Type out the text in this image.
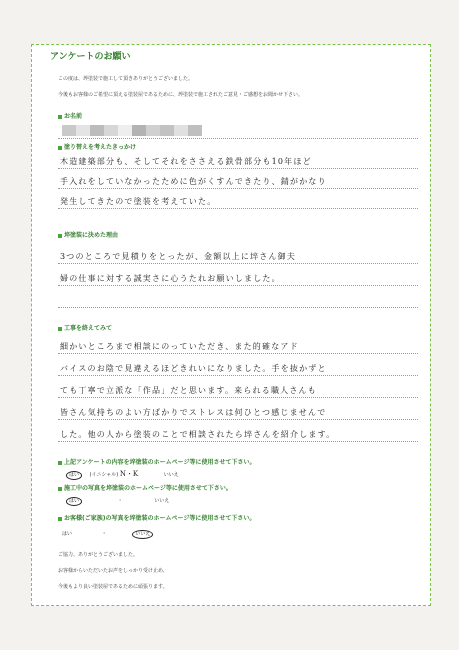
アンケートのお願い
この度は、埣塗装で施工して頂きありがとうございました。
今後もお客様のご希望に頂える塗装屋であるために、埣塗装で施工されたご意見・ご感想をお聞かせ下さい。
お名前
塗り替えを考えたきっかけ
木造建築部分も、そしてそれをささえる鉄骨部分も10年ほど
手入れをしていなかったために色がくすんできたり、錆がかなり
発生してきたので塗装を考えていた。
埣塗装に決めた理由
3つのところで見積りをとったが、金額以上に埣さん御夫
婦の仕事に対する誠実さに心うたれお願いしました。
工事を終えてみて
細かいところまで相談にのっていただき、また的確なアド
バイスのお陰で見違えるほどきれいになりました。手を抜かずと
ても丁寧で立派な「作品」だと思います。来られる職人さんも
皆さん気持ちのよい方ばかりでストレスは何ひとつ感じませんで
した。他の人から塗装のことで相談されたら埣さんを紹介します。
上記アンケートの内容を埣塗装のホームページ等に使用させて下さい。
はい (イニシャル) N・K	いいえ
施工中の写真を埣塗装のホームページ等に使用させて下さい。
はい	・	いいえ
お客様(ご家族)の写真を埣塗装のホームページ等に使用させて下さい。
はい	・	いいえ
ご協力、ありがとうございました。
お客様からいただいたお声をしっかり受け止め、
今後もより良い塗装屋であるために頑張ります。
